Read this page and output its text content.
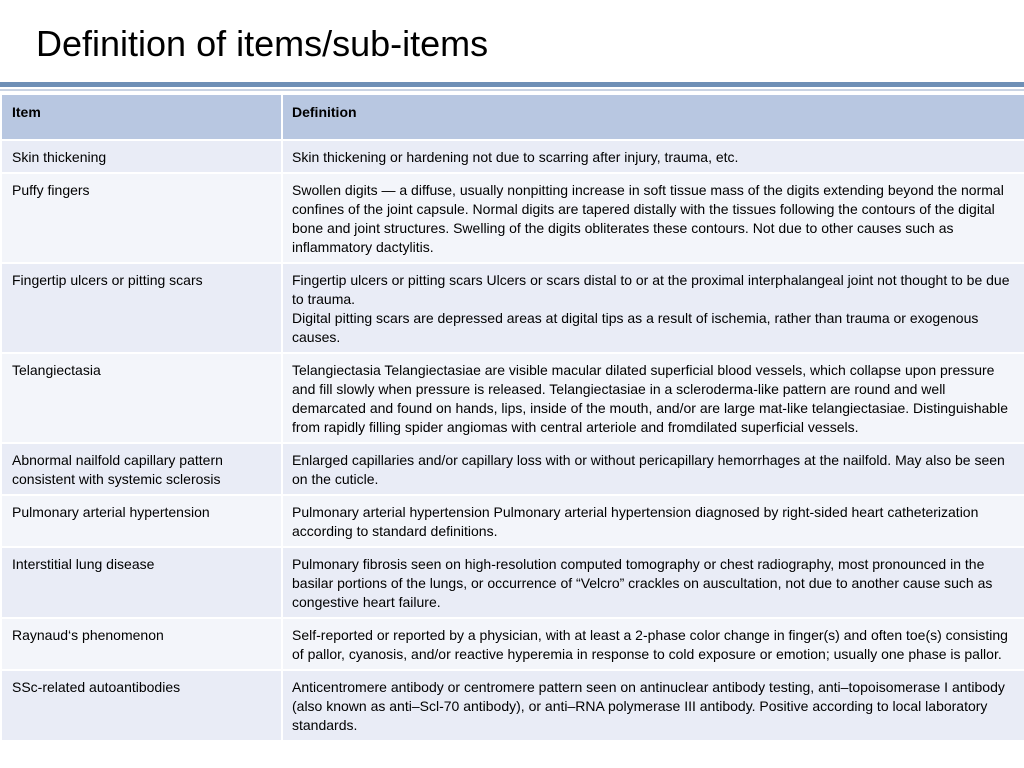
Definition of items/sub-items
Item	Definition
Skin thickening	Skin thickening or hardening not due to scarring after injury, trauma, etc.

Puffy fingers	Swollen digits — a diffuse, usually nonpitting increase in soft tissue mass of the digits extending beyond the normal confines of the joint capsule. Normal digits are tapered distally with the tissues following the contours of the digital bone and joint structures. Swelling of the digits obliterates these contours. Not due to other causes such as inflammatory dactylitis.

Fingertip ulcers or pitting scars	Fingertip ulcers or pitting scars Ulcers or scars distal to or at the proximal interphalangeal joint not thought to be due to trauma.
Digital pitting scars are depressed areas at digital tips as a result of ischemia, rather than trauma or exogenous causes.

Telangiectasia	Telangiectasia Telangiectasiae are visible macular dilated superficial blood vessels, which collapse upon pressure and fill slowly when pressure is released. Telangiectasiae in a scleroderma-like pattern are round and well demarcated and found on hands, lips, inside of the mouth, and/or are large mat-like telangiectasiae. Distinguishable from rapidly filling spider angiomas with central arteriole and fromdilated superficial vessels.

Abnormal nailfold capillary pattern consistent with systemic sclerosis	Enlarged capillaries and/or capillary loss with or without pericapillary hemorrhages at the nailfold. May also be seen on the cuticle.

Pulmonary arterial hypertension	Pulmonary arterial hypertension Pulmonary arterial hypertension diagnosed by right-sided heart catheterization according to standard definitions.

Interstitial lung disease	Pulmonary fibrosis seen on high-resolution computed tomography or chest radiography, most pronounced in the basilar portions of the lungs, or occurrence of “Velcro” crackles on auscultation, not due to another cause such as congestive heart failure.

Raynaud‘s phenomenon	Self-reported or reported by a physician, with at least a 2-phase color change in finger(s) and often toe(s) consisting of pallor, cyanosis, and/or reactive hyperemia in response to cold exposure or emotion; usually one phase is pallor.

SSc-related autoantibodies	Anticentromere antibody or centromere pattern seen on antinuclear antibody testing, anti–topoisomerase I antibody (also known as anti–Scl-70 antibody), or anti–RNA polymerase III antibody. Positive according to local laboratory standards.
